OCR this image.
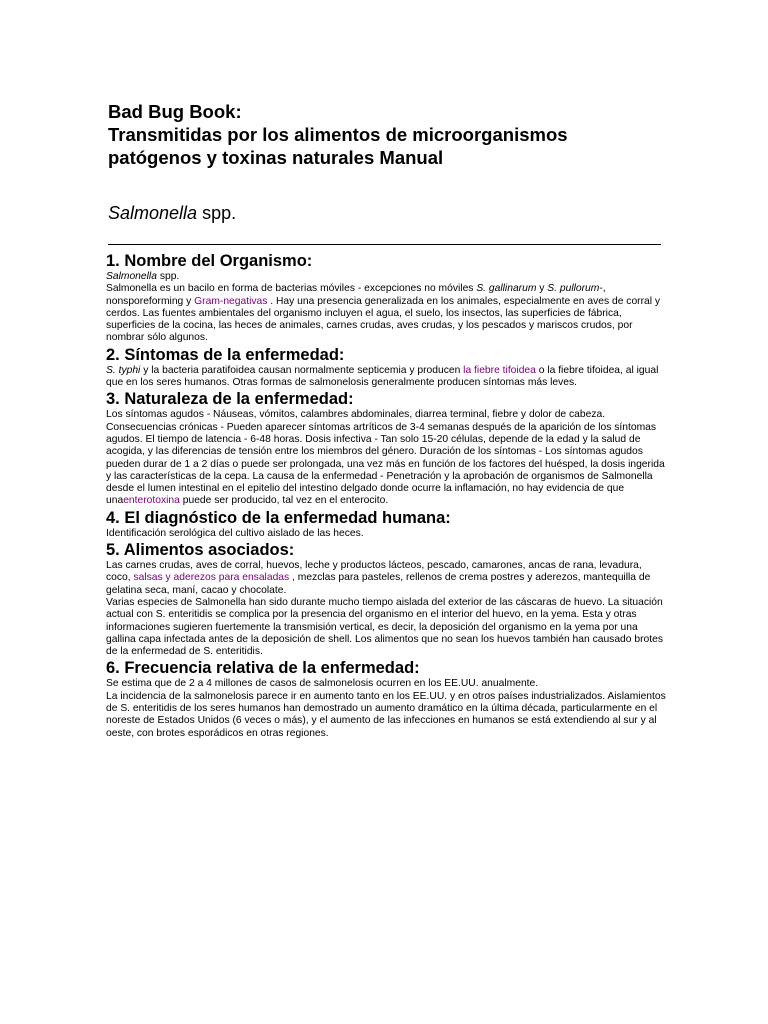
Bad Bug Book:

Transmitidas por los alimentos de microorganismos

patógenos y toxinas naturales Manual

Salmonella spp.

1. Nombre del Organismo:

Salmonella spp.

Salmonella es un bacilo en forma de bacterias móviles - excepciones no móviles S. gallinarum y S. pullorum-, nonsporeforming y Gram-negativas . Hay una presencia generalizada en los animales, especialmente en aves de corral y cerdos. Las fuentes ambientales del organismo incluyen el agua, el suelo, los insectos, las superficies de fábrica, superficies de la cocina, las heces de animales, carnes crudas, aves crudas, y los pescados y mariscos crudos, por nombrar sólo algunos.

2. Síntomas de la enfermedad:

S. typhi y la bacteria paratifoidea causan normalmente septicemia y producen la fiebre tifoidea o la fiebre tifoidea, al igual que en los seres humanos. Otras formas de salmonelosis generalmente producen síntomas más leves.

3. Naturaleza de la enfermedad:

Los síntomas agudos - Náuseas, vómitos, calambres abdominales, diarrea terminal, fiebre y dolor de cabeza. Consecuencias crónicas - Pueden aparecer síntomas artríticos de 3-4 semanas después de la aparición de los síntomas agudos. El tiempo de latencia - 6-48 horas. Dosis infectiva - Tan solo 15-20 células, depende de la edad y la salud de acogida, y las diferencias de tensión entre los miembros del género. Duración de los síntomas - Los síntomas agudos pueden durar de 1 a 2 días o puede ser prolongada, una vez más en función de los factores del huésped, la dosis ingerida y las características de la cepa. La causa de la enfermedad - Penetración y la aprobación de organismos de Salmonella desde el lumen intestinal en el epitelio del intestino delgado donde ocurre la inflamación, no hay evidencia de que unaenterotoxina puede ser producido, tal vez en el enterocito.

4. El diagnóstico de la enfermedad humana:

Identificación serológica del cultivo aislado de las heces.

5. Alimentos asociados:

Las carnes crudas, aves de corral, huevos, leche y productos lácteos, pescado, camarones, ancas de rana, levadura, coco, salsas y aderezos para ensaladas , mezclas para pasteles, rellenos de crema postres y aderezos, mantequilla de gelatina seca, maní, cacao y chocolate.

Varias especies de Salmonella han sido durante mucho tiempo aislada del exterior de las cáscaras de huevo. La situación actual con S. enteritidis se complica por la presencia del organismo en el interior del huevo, en la yema. Esta y otras informaciones sugieren fuertemente la transmisión vertical, es decir, la deposición del organismo en la yema por una gallina capa infectada antes de la deposición de shell. Los alimentos que no sean los huevos también han causado brotes de la enfermedad de S. enteritidis.

6. Frecuencia relativa de la enfermedad:

Se estima que de 2 a 4 millones de casos de salmonelosis ocurren en los EE.UU. anualmente.

La incidencia de la salmonelosis parece ir en aumento tanto en los EE.UU. y en otros países industrializados. Aislamientos de S. enteritidis de los seres humanos han demostrado un aumento dramático en la última década, particularmente en el noreste de Estados Unidos (6 veces o más), y el aumento de las infecciones en humanos se está extendiendo al sur y al oeste, con brotes esporádicos en otras regiones.
